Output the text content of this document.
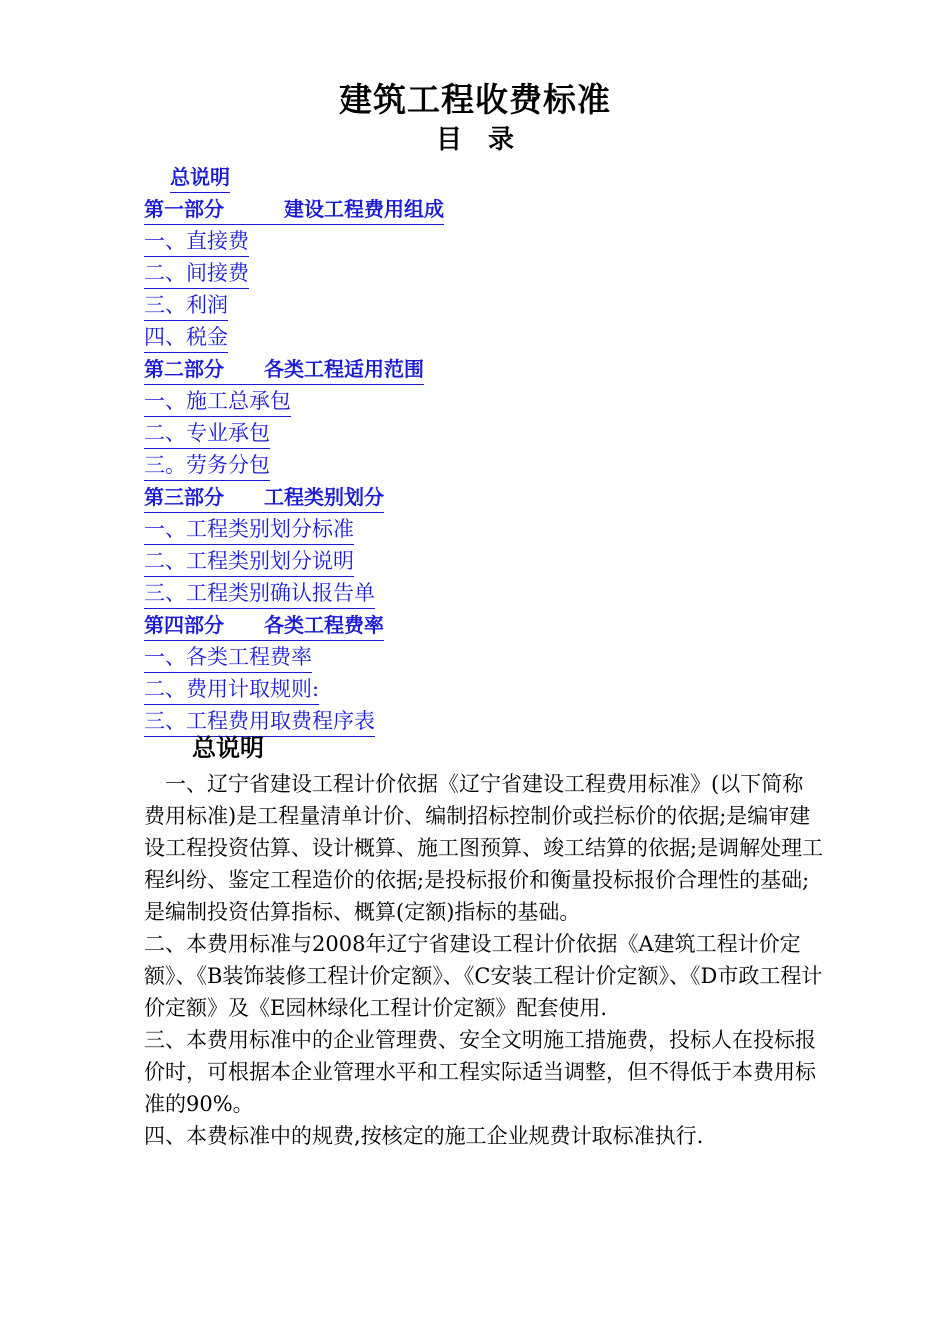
建筑工程收费标准
目　录
总说明
第一部分　　　建设工程费用组成
一、直接费
二、间接费
三、利润
四、税金
第二部分　　各类工程适用范围
一、施工总承包
二、专业承包
三。劳务分包
第三部分　　工程类别划分
一、工程类别划分标准
二、工程类别划分说明
三、工程类别确认报告单
第四部分　　各类工程费率
一、各类工程费率
二、费用计取规则:
三、工程费用取费程序表
总说明

　一、辽宁省建设工程计价依据《辽宁省建设工程费用标准》(以下简称费用标准)是工程量清单计价、编制招标控制价或拦标价的依据;是编审建设工程投资估算、设计概算、施工图预算、竣工结算的依据;是调解处理工程纠纷、鉴定工程造价的依据;是投标报价和衡量投标报价合理性的基础;是编制投资估算指标、概算(定额)指标的基础。

二、本费用标准与2008年辽宁省建设工程计价依据《A建筑工程计价定额》、《B装饰装修工程计价定额》、《C安装工程计价定额》、《D市政工程计价定额》及《E园林绿化工程计价定额》配套使用.

三、本费用标准中的企业管理费、安全文明施工措施费，投标人在投标报价时，可根据本企业管理水平和工程实际适当调整，但不得低于本费用标准的90%。

四、本费标准中的规费,按核定的施工企业规费计取标准执行.
